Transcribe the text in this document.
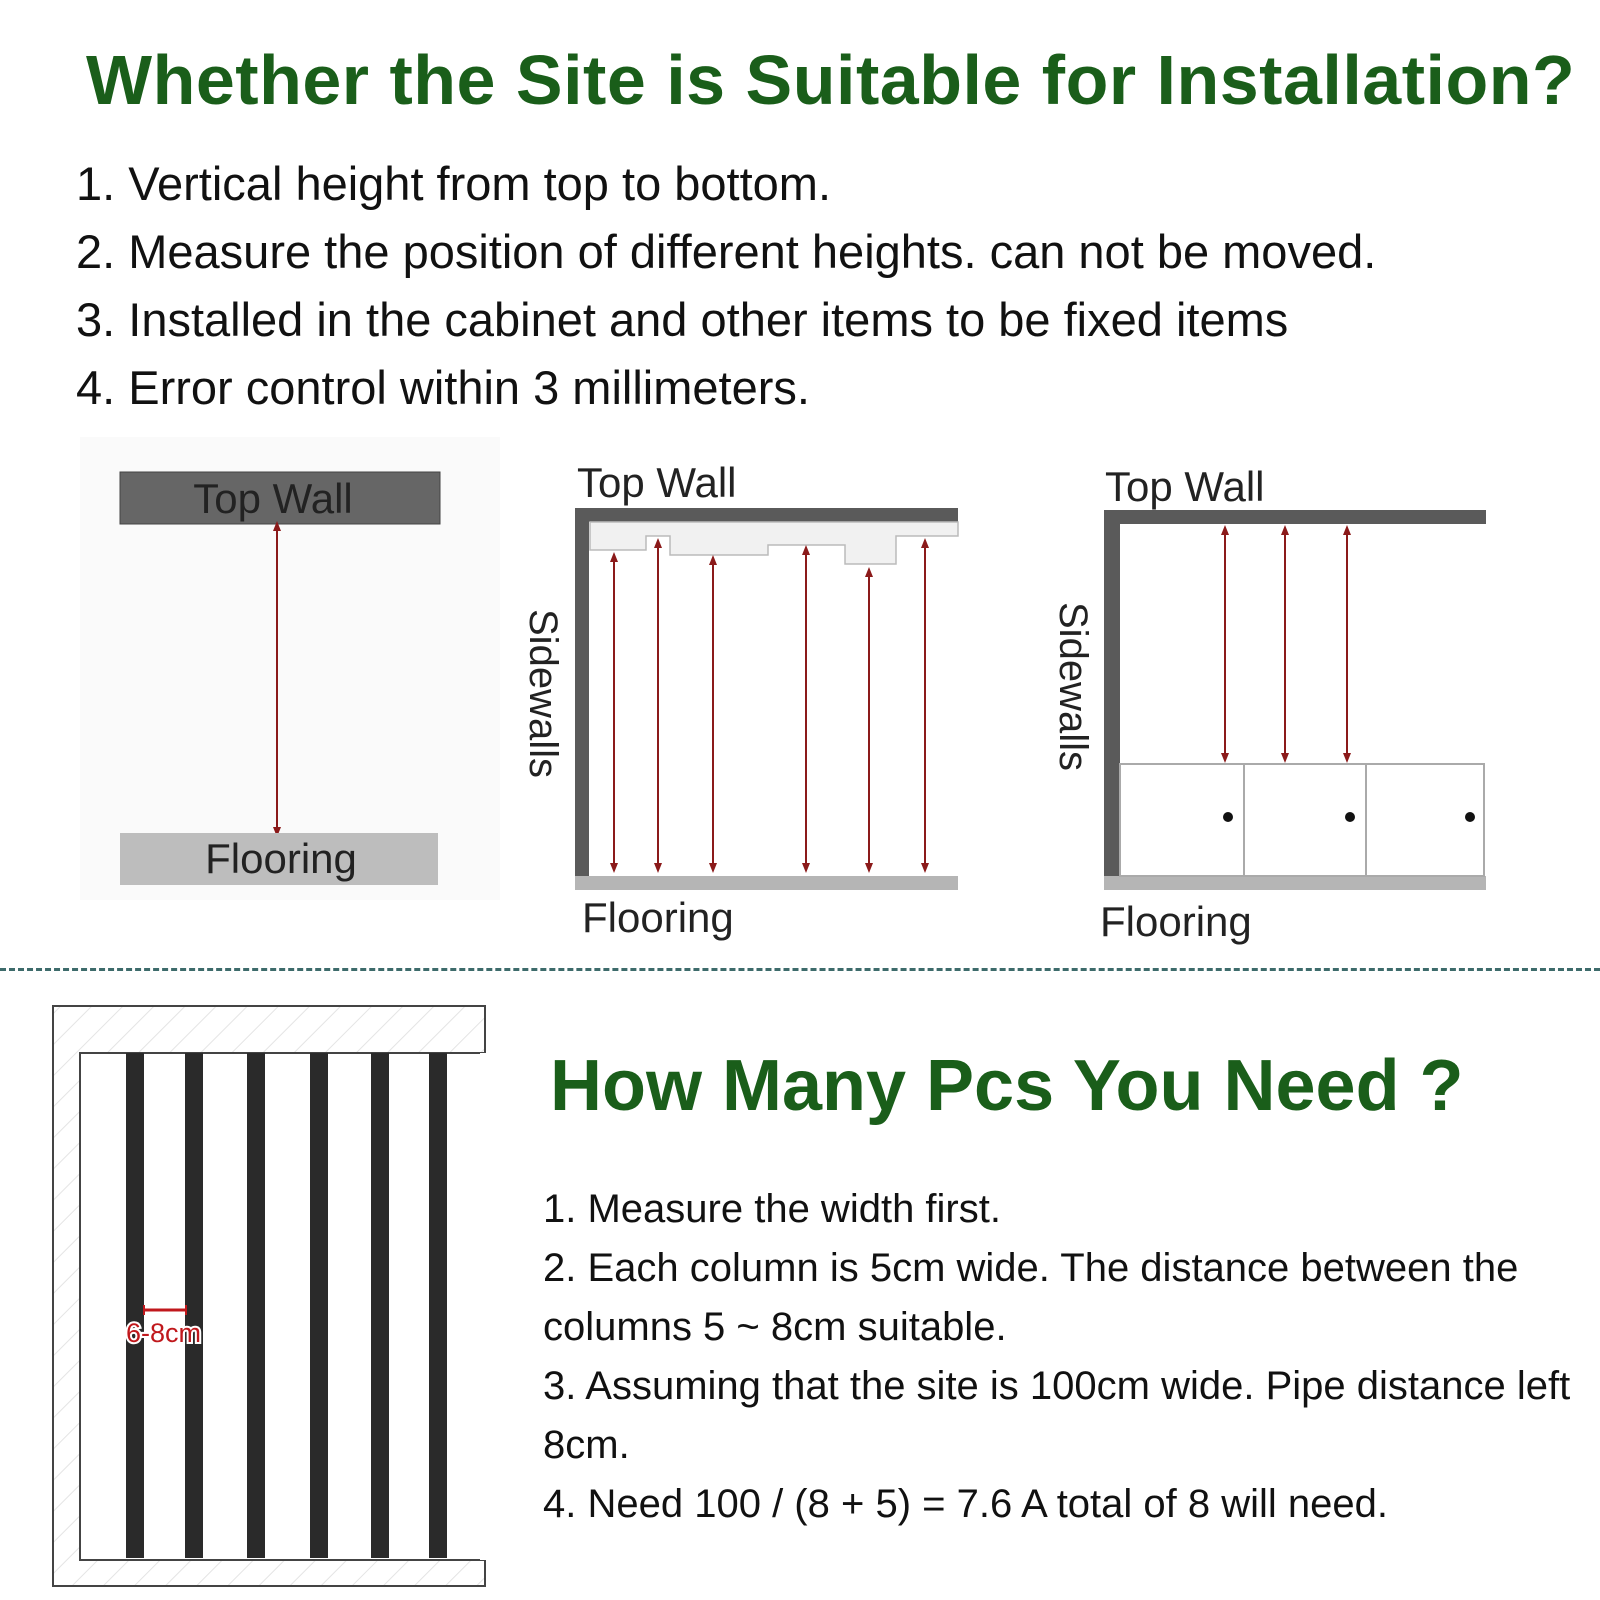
Whether the Site is Suitable for Installation?
1. Vertical height from top to bottom.
2. Measure the position of different heights. can not be moved.
3. Installed in the cabinet and other items to be fixed items
4. Error control within 3 millimeters.
Top Wall
Flooring
Top Wall
Sidewalls
Flooring
Top Wall
Sidewalls
Flooring
6-8cm
How Many Pcs You Need ?
1. Measure the width first.
2. Each column is 5cm wide. The distance between the columns 5 ~ 8cm suitable.
3. Assuming that the site is 100cm wide. Pipe distance left 8cm.
4. Need 100 / (8 + 5) = 7.6 A total of 8 will need.
